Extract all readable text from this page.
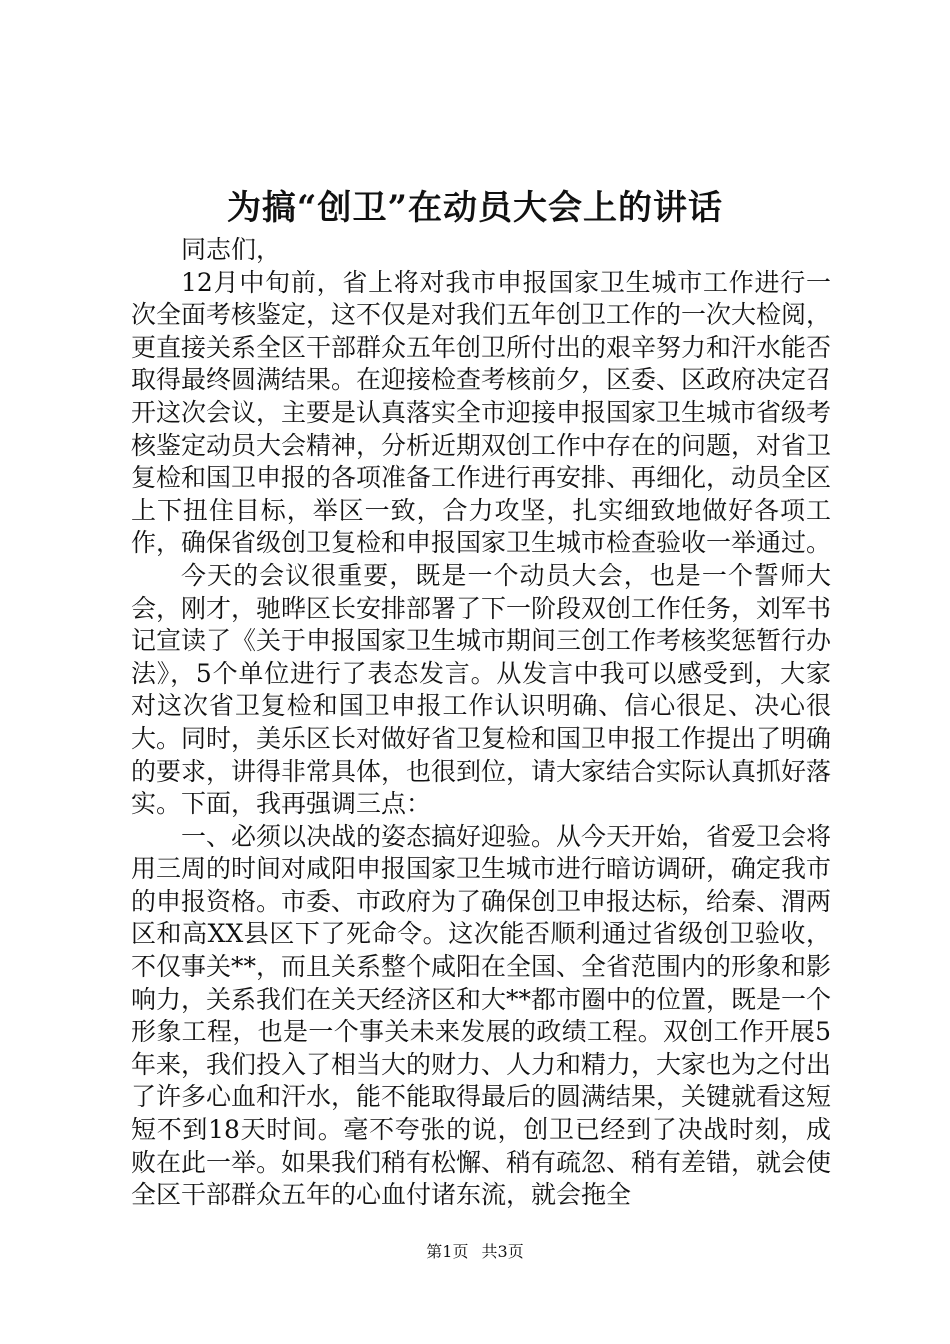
为搞“创卫”在动员大会上的讲话

同志们，

12月中旬前，省上将对我市申报国家卫生城市工作进行一次全面考核鉴定，这不仅是对我们五年创卫工作的一次大检阅，更直接关系全区干部群众五年创卫所付出的艰辛努力和汗水能否取得最终圆满结果。在迎接检查考核前夕，区委、区政府决定召开这次会议，主要是认真落实全市迎接申报国家卫生城市省级考核鉴定动员大会精神，分析近期双创工作中存在的问题，对省卫复检和国卫申报的各项准备工作进行再安排、再细化，动员全区上下扭住目标，举区一致，合力攻坚，扎实细致地做好各项工作，确保省级创卫复检和申报国家卫生城市检查验收一举通过。

今天的会议很重要，既是一个动员大会，也是一个誓师大会，刚才，驰晔区长安排部署了下一阶段双创工作任务，刘军书记宣读了《关于申报国家卫生城市期间三创工作考核奖惩暂行办法》，5个单位进行了表态发言。从发言中我可以感受到，大家对这次省卫复检和国卫申报工作认识明确、信心很足、决心很大。同时，美乐区长对做好省卫复检和国卫申报工作提出了明确的要求，讲得非常具体，也很到位，请大家结合实际认真抓好落实。下面，我再强调三点：

一、必须以决战的姿态搞好迎验。从今天开始，省爱卫会将用三周的时间对咸阳申报国家卫生城市进行暗访调研，确定我市的申报资格。市委、市政府为了确保创卫申报达标，给秦、渭两区和高XX县区下了死命令。这次能否顺利通过省级创卫验收，不仅事关**，而且关系整个咸阳在全国、全省范围内的形象和影响力，关系我们在关天经济区和大**都市圈中的位置，既是一个形象工程，也是一个事关未来发展的政绩工程。双创工作开展5年来，我们投入了相当大的财力、人力和精力，大家也为之付出了许多心血和汗水，能不能取得最后的圆满结果，关键就看这短短不到18天时间。毫不夸张的说，创卫已经到了决战时刻，成败在此一举。如果我们稍有松懈、稍有疏忽、稍有差错，就会使全区干部群众五年的心血付诸东流，就会拖全

第1页 共3页
